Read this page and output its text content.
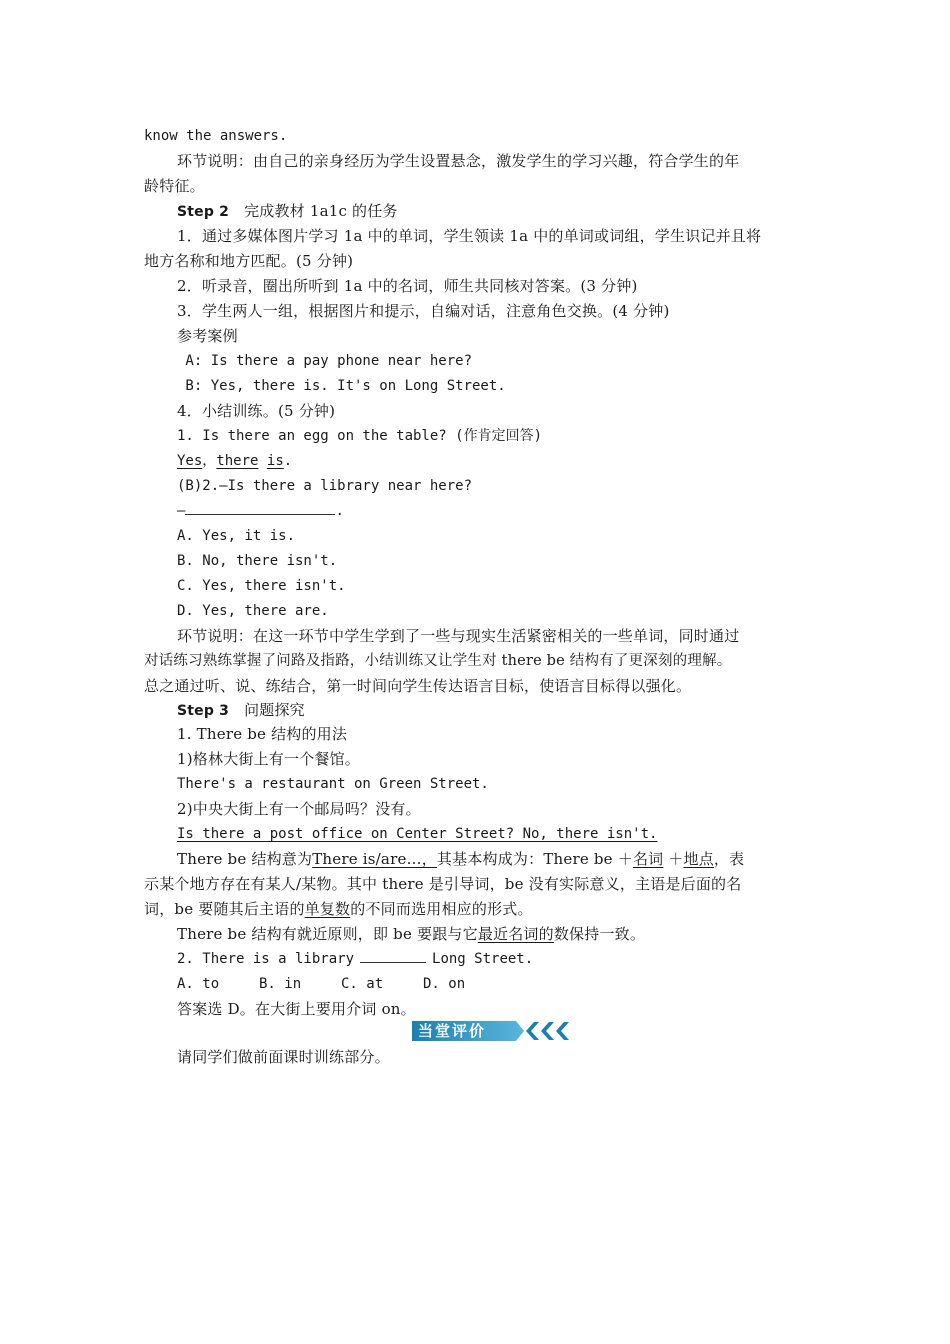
know the answers.
环节说明：由自己的亲身经历为学生设置悬念，激发学生的学习兴趣，符合学生的年
龄特征。
Step 2 完成教材 1a1c 的任务
1．通过多媒体图片学习 1a 中的单词，学生领读 1a 中的单词或词组，学生识记并且将
地方名称和地方匹配。(5 分钟)
2．听录音，圈出所听到 1a 中的名词，师生共同核对答案。(3 分钟)
3．学生两人一组，根据图片和提示，自编对话，注意角色交换。(4 分钟)
参考案例
A: Is there a pay phone near here?
B: Yes, there is. It's on Long Street.
4．小结训练。(5 分钟)
1. Is there an egg on the table? (作肯定回答)
Yes，there is.
(B)2.—Is there a library near here?
—	.
A. Yes, it is.
B. No, there isn't.
C. Yes, there isn't.
D. Yes, there are.
环节说明：在这一环节中学生学到了一些与现实生活紧密相关的一些单词，同时通过
对话练习熟练掌握了问路及指路，小结训练又让学生对 there be 结构有了更深刻的理解。
总之通过听、说、练结合，第一时间向学生传达语言目标，使语言目标得以强化。
Step 3 问题探究
1. There be 结构的用法
1)格林大街上有一个餐馆。
There's a restaurant on Green Street.
2)中央大街上有一个邮局吗？没有。
Is there a post office on Center Street? No, there isn't.
There be 结构意为There is/are…，其基本构成为：There be ＋名词 ＋地点，表
示某个地方存在有某人/某物。其中 there 是引导词，be 没有实际意义，主语是后面的名
词，be 要随其后主语的单复数的不同而选用相应的形式。
There be 结构有就近原则，即 be 要跟与它最近名词的数保持一致。
2. There is a library	Long Street.
A. to	B. in	C. at	D. on
答案选 D。在大街上要用介词 on。
当堂评价
请同学们做前面课时训练部分。
